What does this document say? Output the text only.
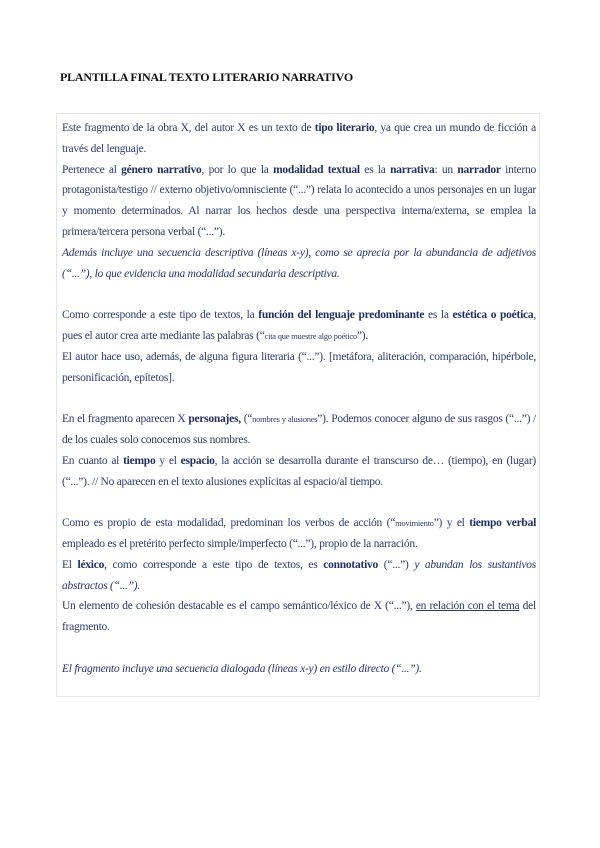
PLANTILLA FINAL TEXTO LITERARIO NARRATIVO

Este fragmento de la obra X, del autor X es un texto de tipo literario, ya que crea un mundo de ficción a través del lenguaje.

Pertenece al género narrativo, por lo que la modalidad textual es la narrativa: un narrador interno protagonista/testigo // externo objetivo/omnisciente (“...”) relata lo acontecido a unos personajes en un lugar y momento determinados. Al narrar los hechos desde una perspectiva interna/externa, se emplea la primera/tercera persona verbal (“...”).

Además incluye una secuencia descriptiva (líneas x-y), como se aprecia por la abundancia de adjetivos (“...”), lo que evidencia una modalidad secundaria descriptiva.

Como corresponde a este tipo de textos, la función del lenguaje predominante es la estética o poética, pues el autor crea arte mediante las palabras (“cita que muestre algo poético”).

El autor hace uso, además, de alguna figura literaria (“...”). [metáfora, aliteración, comparación, hipérbole, personificación, epítetos].

En el fragmento aparecen X personajes, (“nombres y alusiones”). Podemos conocer alguno de sus rasgos (“...”) / de los cuales solo conocemos sus nombres.

En cuanto al tiempo y el espacio, la acción se desarrolla durante el transcurso de… (tiempo), en (lugar) (“...”). // No aparecen en el texto alusiones explícitas al espacio/al tiempo.

Como es propio de esta modalidad, predominan los verbos de acción (“movimiento”) y el tiempo verbal empleado es el pretérito perfecto simple/imperfecto (“...”), propio de la narración.

El léxico, como corresponde a este tipo de textos, es connotativo (“...”) y abundan los sustantivos abstractos (“...”).

Un elemento de cohesión destacable es el campo semántico/léxico de X (“...”), en relación con el tema del fragmento.

El fragmento incluye una secuencia dialogada (líneas x-y) en estilo directo (“...”).
